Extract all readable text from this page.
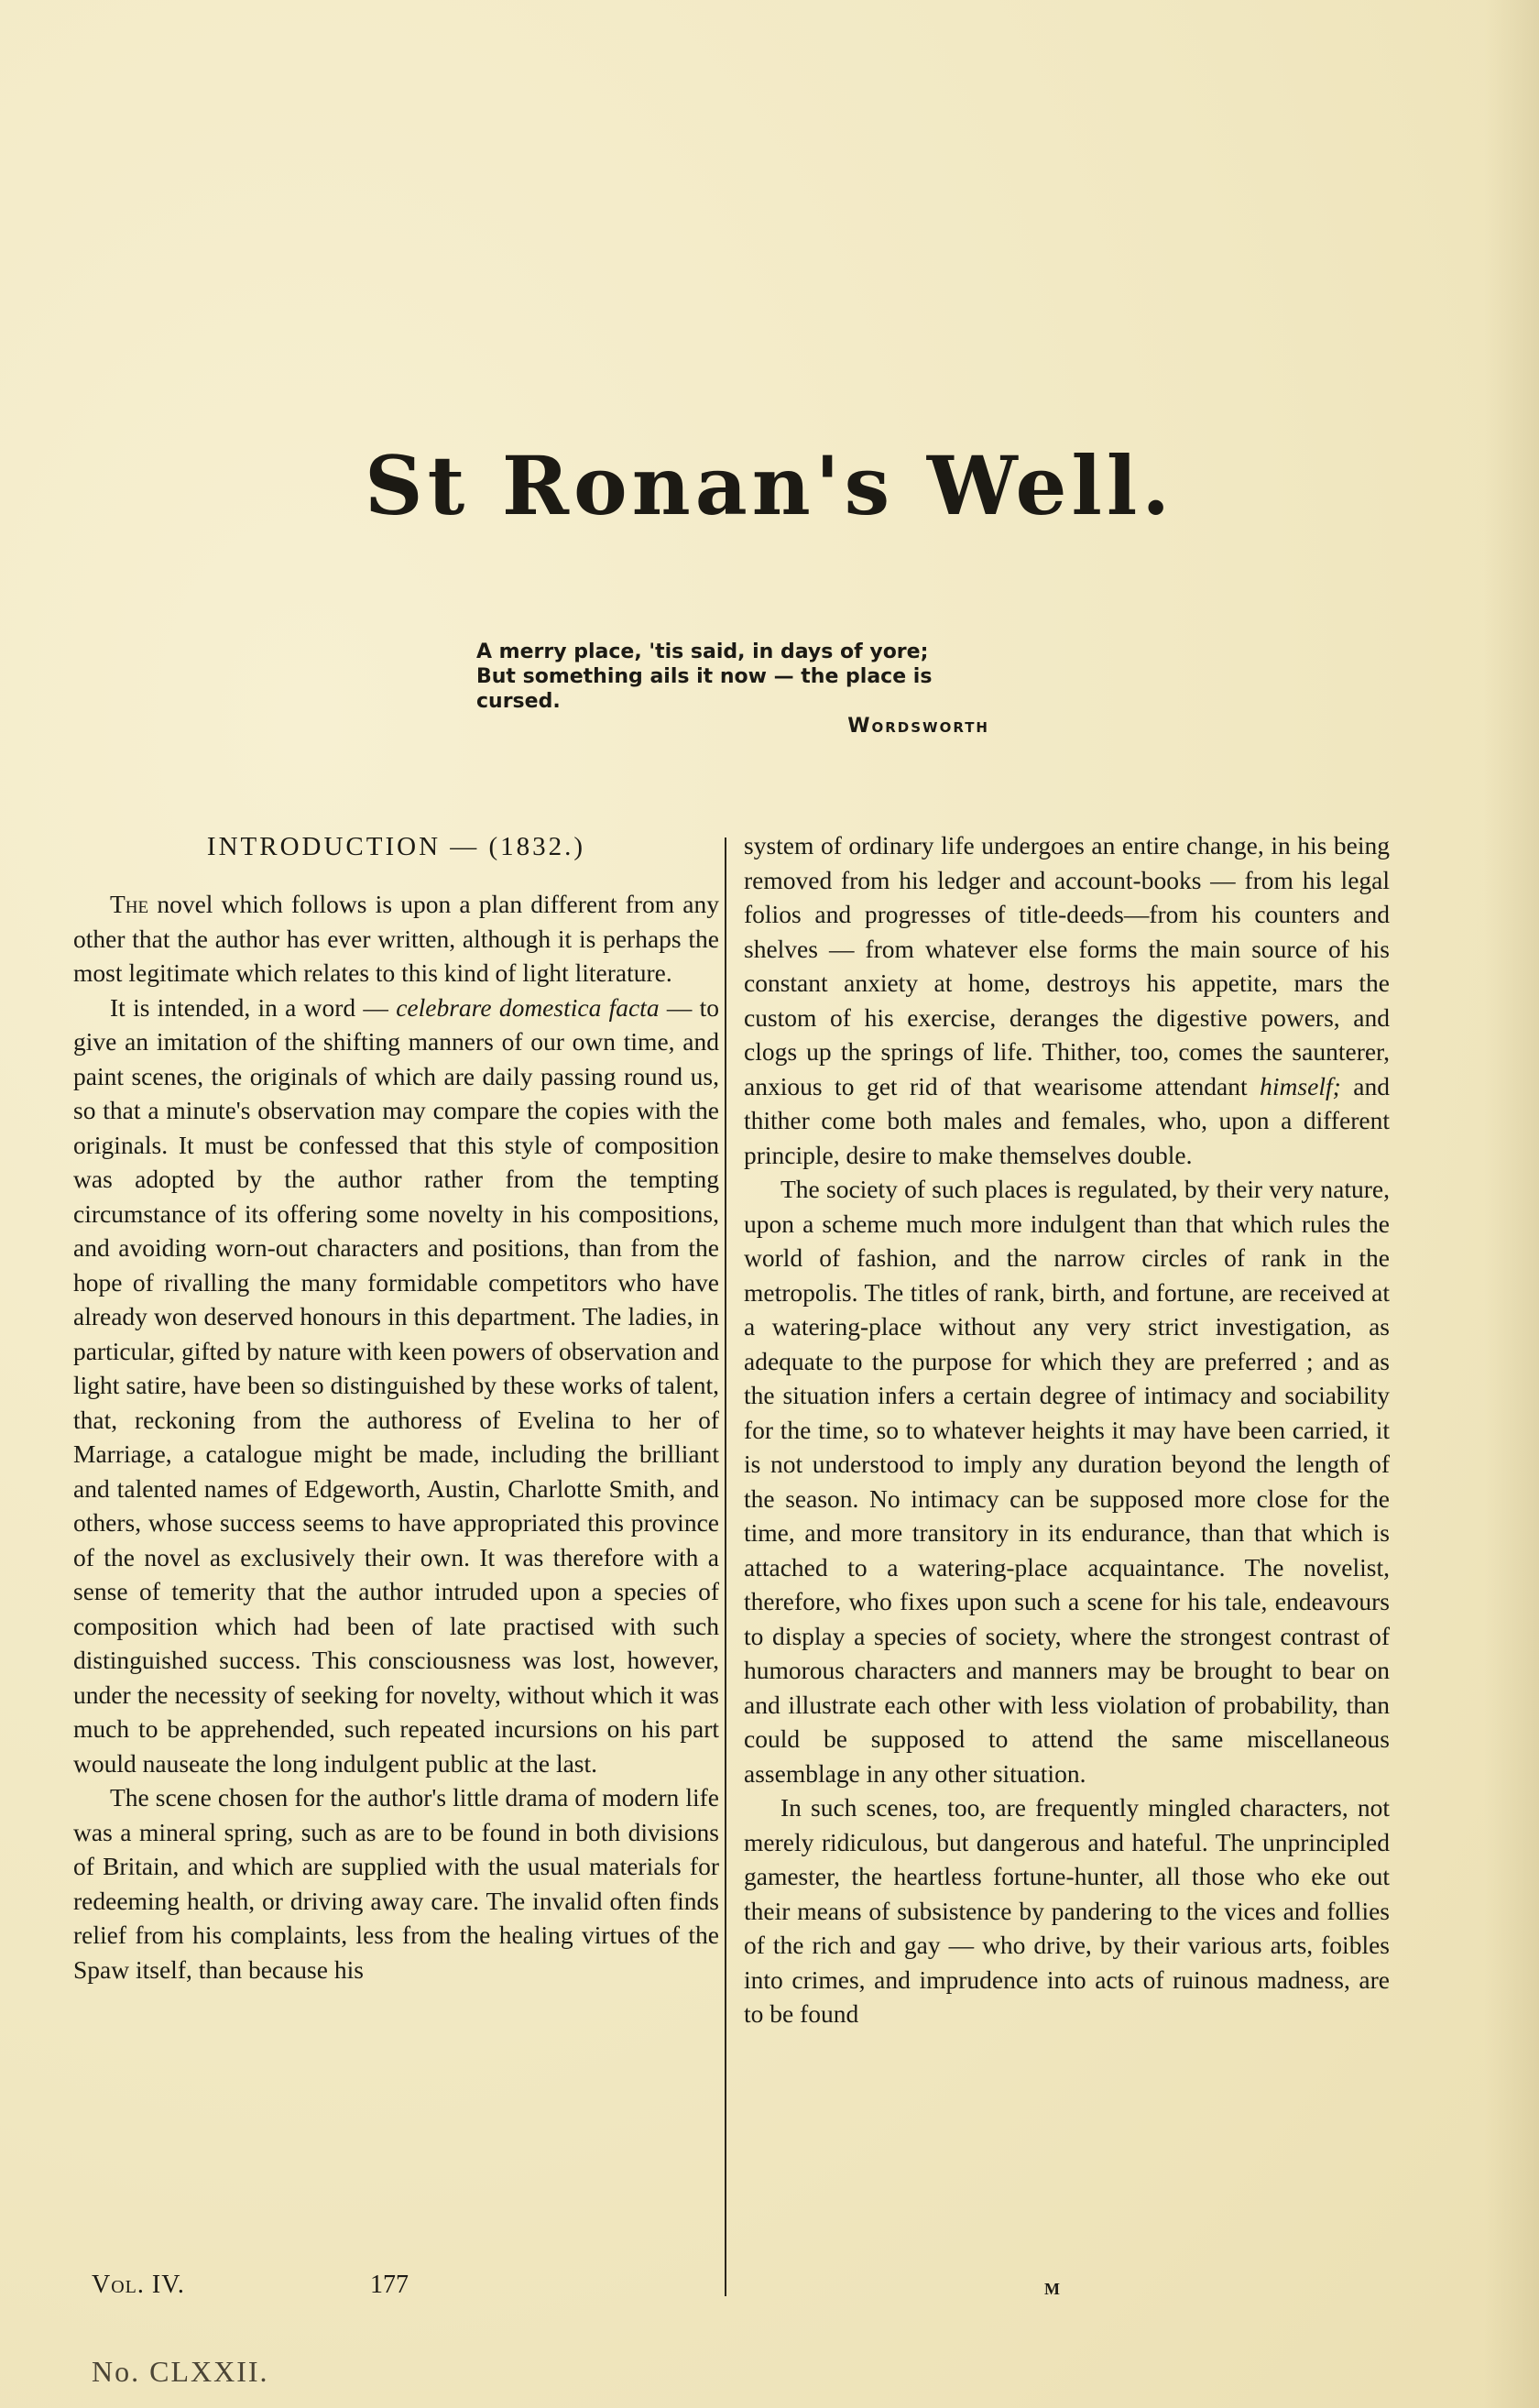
St Ronan's Well.
A merry place, 'tis said, in days of yore;
But something ails it now — the place is cursed.
Wordsworth
INTRODUCTION — (1832.)

The novel which follows is upon a plan different from any other that the author has ever written, although it is perhaps the most legitimate which relates to this kind of light literature.

It is intended, in a word — celebrare domestica facta — to give an imitation of the shifting manners of our own time, and paint scenes, the originals of which are daily passing round us, so that a minute's observation may compare the copies with the originals. It must be confessed that this style of composition was adopted by the author rather from the tempting circumstance of its offering some novelty in his compositions, and avoiding worn-out characters and positions, than from the hope of rivalling the many formidable competitors who have already won deserved honours in this department. The ladies, in particular, gifted by nature with keen powers of observation and light satire, have been so distinguished by these works of talent, that, reckoning from the authoress of Evelina to her of Marriage, a catalogue might be made, including the brilliant and talented names of Edgeworth, Austin, Charlotte Smith, and others, whose success seems to have appropriated this province of the novel as exclusively their own. It was therefore with a sense of temerity that the author intruded upon a species of composition which had been of late practised with such distinguished success. This consciousness was lost, however, under the necessity of seeking for novelty, without which it was much to be apprehended, such repeated incursions on his part would nauseate the long indulgent public at the last.

The scene chosen for the author's little drama of modern life was a mineral spring, such as are to be found in both divisions of Britain, and which are supplied with the usual materials for redeeming health, or driving away care. The invalid often finds relief from his complaints, less from the healing virtues of the Spaw itself, than because his

system of ordinary life undergoes an entire change, in his being removed from his ledger and account-books — from his legal folios and progresses of title-deeds—from his counters and shelves — from whatever else forms the main source of his constant anxiety at home, destroys his appetite, mars the custom of his exercise, deranges the digestive powers, and clogs up the springs of life. Thither, too, comes the saunterer, anxious to get rid of that wearisome attendant himself; and thither come both males and females, who, upon a different principle, desire to make themselves double.

The society of such places is regulated, by their very nature, upon a scheme much more indulgent than that which rules the world of fashion, and the narrow circles of rank in the metropolis. The titles of rank, birth, and fortune, are received at a watering-place without any very strict investigation, as adequate to the purpose for which they are preferred ; and as the situation infers a certain degree of intimacy and sociability for the time, so to whatever heights it may have been carried, it is not understood to imply any duration beyond the length of the season. No intimacy can be supposed more close for the time, and more transitory in its endurance, than that which is attached to a watering-place acquaintance. The novelist, therefore, who fixes upon such a scene for his tale, endeavours to display a species of society, where the strongest contrast of humorous characters and manners may be brought to bear on and illustrate each other with less violation of probability, than could be supposed to attend the same miscellaneous assemblage in any other situation.

In such scenes, too, are frequently mingled characters, not merely ridiculous, but dangerous and hateful. The unprincipled gamester, the heartless fortune-hunter, all those who eke out their means of subsistence by pandering to the vices and follies of the rich and gay — who drive, by their various arts, foibles into crimes, and imprudence into acts of ruinous madness, are to be found

Vol. IV.	177	M
No. CLXXII.
